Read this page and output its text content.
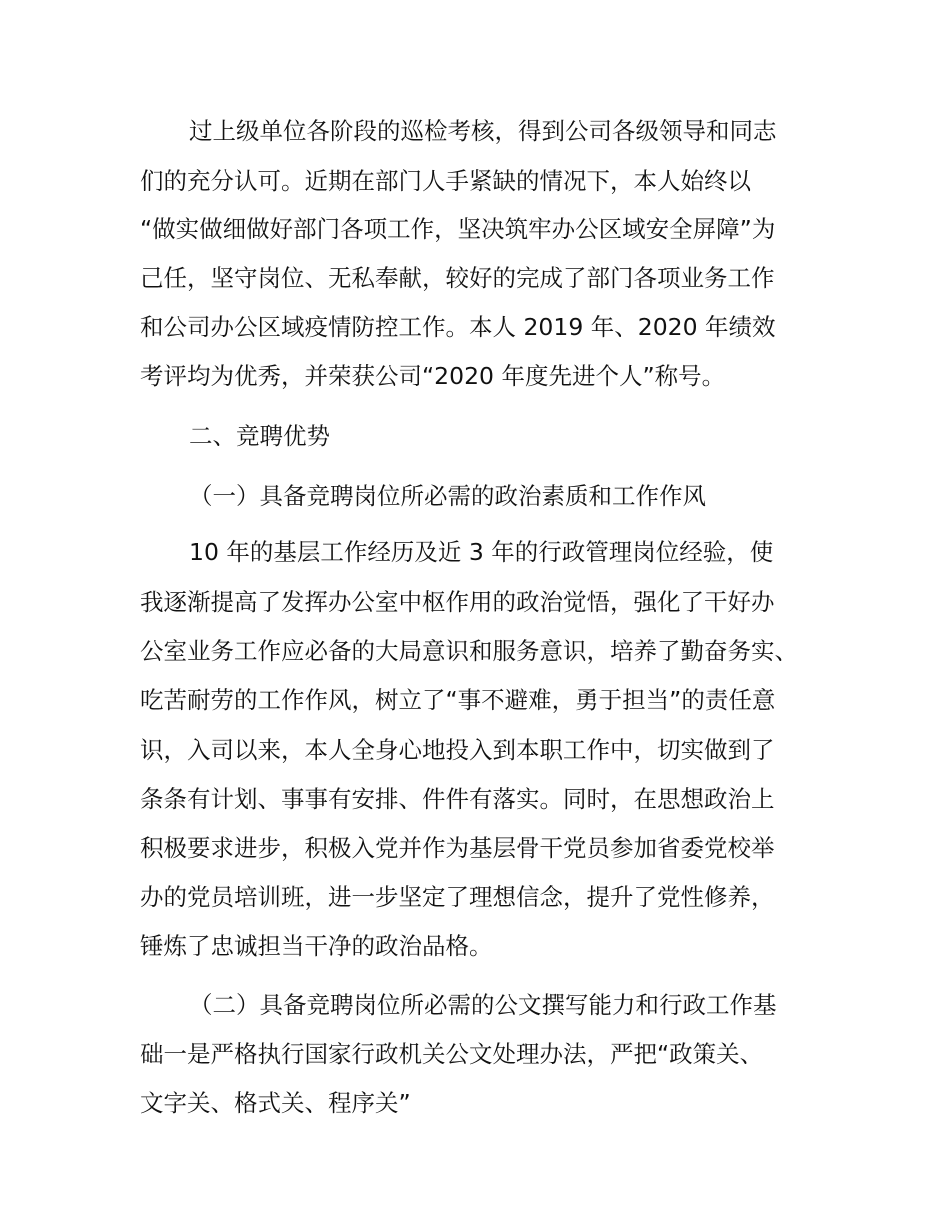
过上级单位各阶段的巡检考核，得到公司各级领导和同志
们的充分认可。近期在部门人手紧缺的情况下，本人始终以
“做实做细做好部门各项工作，坚决筑牢办公区域安全屏障”为
己任，坚守岗位、无私奉献，较好的完成了部门各项业务工作
和公司办公区域疫情防控工作。本人 2019 年、2020 年绩效
考评均为优秀，并荣获公司“2020 年度先进个人”称号。
二、竞聘优势
（一）具备竞聘岗位所必需的政治素质和工作作风
10 年的基层工作经历及近 3 年的行政管理岗位经验，使
我逐渐提高了发挥办公室中枢作用的政治觉悟，强化了干好办
公室业务工作应必备的大局意识和服务意识，培养了勤奋务实、
吃苦耐劳的工作作风，树立了“事不避难，勇于担当”的责任意
识，入司以来，本人全身心地投入到本职工作中，切实做到了
条条有计划、事事有安排、件件有落实。同时，在思想政治上
积极要求进步，积极入党并作为基层骨干党员参加省委党校举
办的党员培训班，进一步坚定了理想信念，提升了党性修养，
锤炼了忠诚担当干净的政治品格。
（二）具备竞聘岗位所必需的公文撰写能力和行政工作基
础一是严格执行国家行政机关公文处理办法，严把“政策关、
文字关、格式关、程序关”
